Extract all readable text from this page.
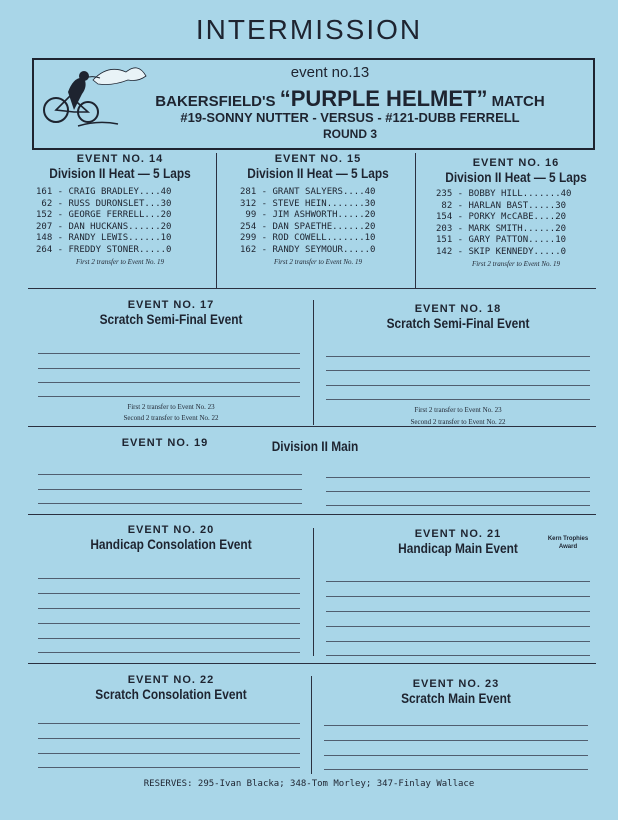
INTERMISSION
event no.13
BAKERSFIELD'S “PURPLE HELMET” MATCH
#19-SONNY NUTTER - VERSUS - #121-DUBB FERRELL
ROUND 3
EVENT NO. 14
Division II Heat — 5 Laps
161 - CRAIG BRADLEY....40
62 - RUSS DURONSLET...30
152 - GEORGE FERRELL...20
207 - DAN HUCKANS......20
148 - RANDY LEWIS......10
264 - FREDDY STONER.....0
First 2 transfer to Event No. 19
EVENT NO. 15
Division II Heat — 5 Laps
281 - GRANT SALYERS....40
312 - STEVE HEIN.......30
99 - JIM ASHWORTH.....20
254 - DAN SPAETHE......20
299 - ROD COWELL.......10
162 - RANDY SEYMOUR.....0
First 2 transfer to Event No. 19
EVENT NO. 16
Division II Heat — 5 Laps
235 - BOBBY HILL.......40
82 - HARLAN BAST.....30
154 - PORKY McCABE....20
203 - MARK SMITH......20
151 - GARY PATTON.....10
142 - SKIP KENNEDY.....0
First 2 transfer to Event No. 19
EVENT NO. 17
Scratch Semi-Final Event
First 2 transfer to Event No. 23
Second 2 transfer to Event No. 22
EVENT NO. 18
Scratch Semi-Final Event
First 2 transfer to Event No. 23
Second 2 transfer to Event No. 22
EVENT NO. 19	Division II Main
EVENT NO. 20
Handicap Consolation Event
EVENT NO. 21
Handicap Main Event
Kern Trophies
Award
EVENT NO. 22
Scratch Consolation Event
EVENT NO. 23
Scratch Main Event
RESERVES: 295-Ivan Blacka; 348-Tom Morley; 347-Finlay Wallace
